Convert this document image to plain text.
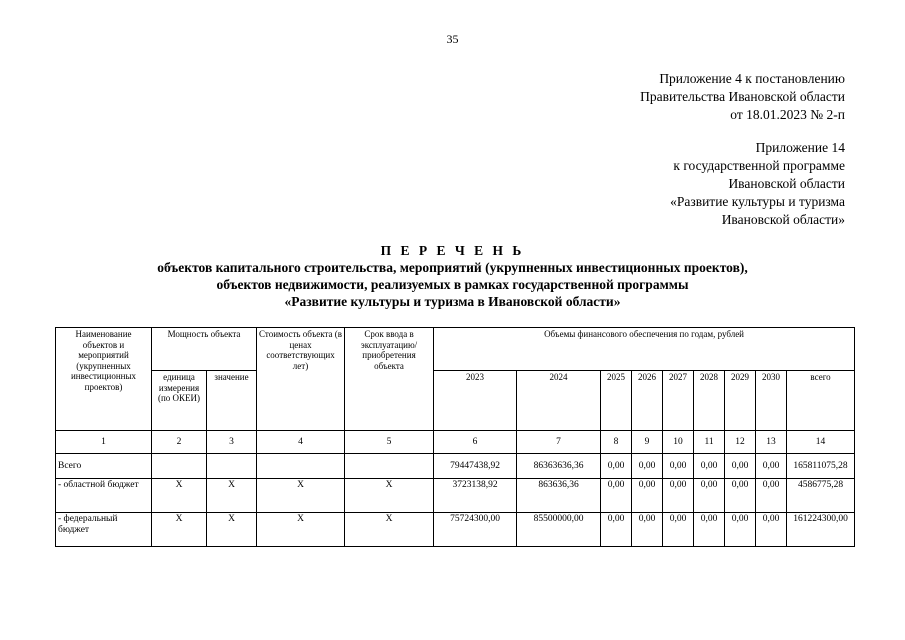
35
Приложение 4 к постановлению
Правительства Ивановской области
от 18.01.2023 № 2-п
Приложение 14
к государственной программе
Ивановской области
«Развитие культуры и туризма
Ивановской области»
П Е Р Е Ч Е Н Ь
объектов капитального строительства, мероприятий (укрупненных инвестиционных проектов),
объектов недвижимости, реализуемых в рамках государственной программы
«Развитие культуры и туризма в Ивановской области»
Наименование объектов и мероприятий (укрупненных инвестиционных проектов)	Мощность объекта		Стоимость объекта (в ценах соответствующих лет)	Срок ввода в эксплуатацию/ приобретения объекта	Объемы финансового обеспечения по годам, рублей								
	единица измерения (по ОКЕИ)	значение			2023	2024	2025	2026	2027	2028	2029	2030	всего
1	2	3	4	5	6	7	8	9	10	11	12	13	14
Всего					79447438,92	86363636,36	0,00	0,00	0,00	0,00	0,00	0,00	165811075,28
- областной бюджет	Х	Х	Х	Х	3723138,92	863636,36	0,00	0,00	0,00	0,00	0,00	0,00	4586775,28
- федеральный бюджет	Х	Х	Х	Х	75724300,00	85500000,00	0,00	0,00	0,00	0,00	0,00	0,00	161224300,00
